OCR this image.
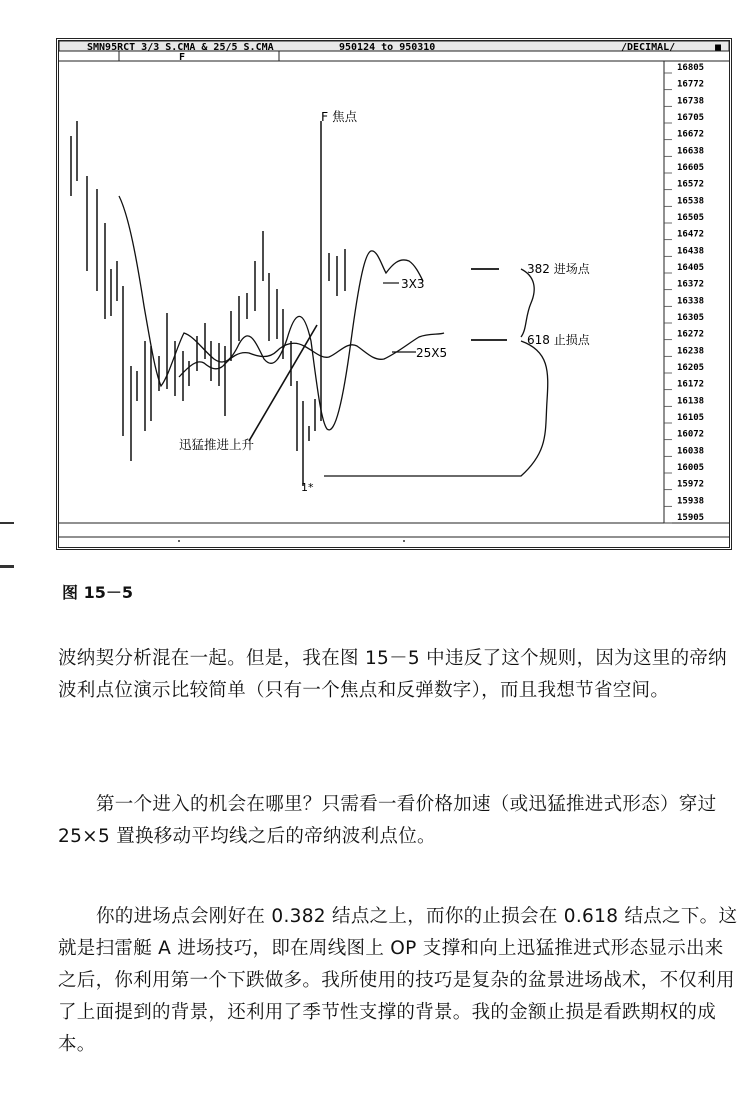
SMN95RCT 3/3 S.CMA & 25/5 S.CMA	950124 to 950310	/DECIMAL/	■
F
16805
16772
16738
16705
16672
16638
16605
16572
16538
16505
16472
16438
16405
16372
16338
16305
16272
16238
16205
16172
16138
16105
16072
16038
16005
15972
15938
15905
3X3
25X5
382 进场点
618 止损点
F 焦点
迅猛推进上升
1*
图 15－5

波纳契分析混在一起。但是，我在图 15－5 中违反了这个规则，因为这里的帝纳波利点位演示比较简单（只有一个焦点和反弹数字），而且我想节省空间。

第一个进入的机会在哪里？只需看一看价格加速（或迅猛推进式形态）穿过 25×5 置换移动平均线之后的帝纳波利点位。

你的进场点会刚好在 0.382 结点之上，而你的止损会在 0.618 结点之下。这就是扫雷艇 A 进场技巧，即在周线图上 OP 支撑和向上迅猛推进式形态显示出来之后，你利用第一个下跌做多。我所使用的技巧是复杂的盆景进场战术，不仅利用了上面提到的背景，还利用了季节性支撑的背景。我的金额止损是看跌期权的成本。
